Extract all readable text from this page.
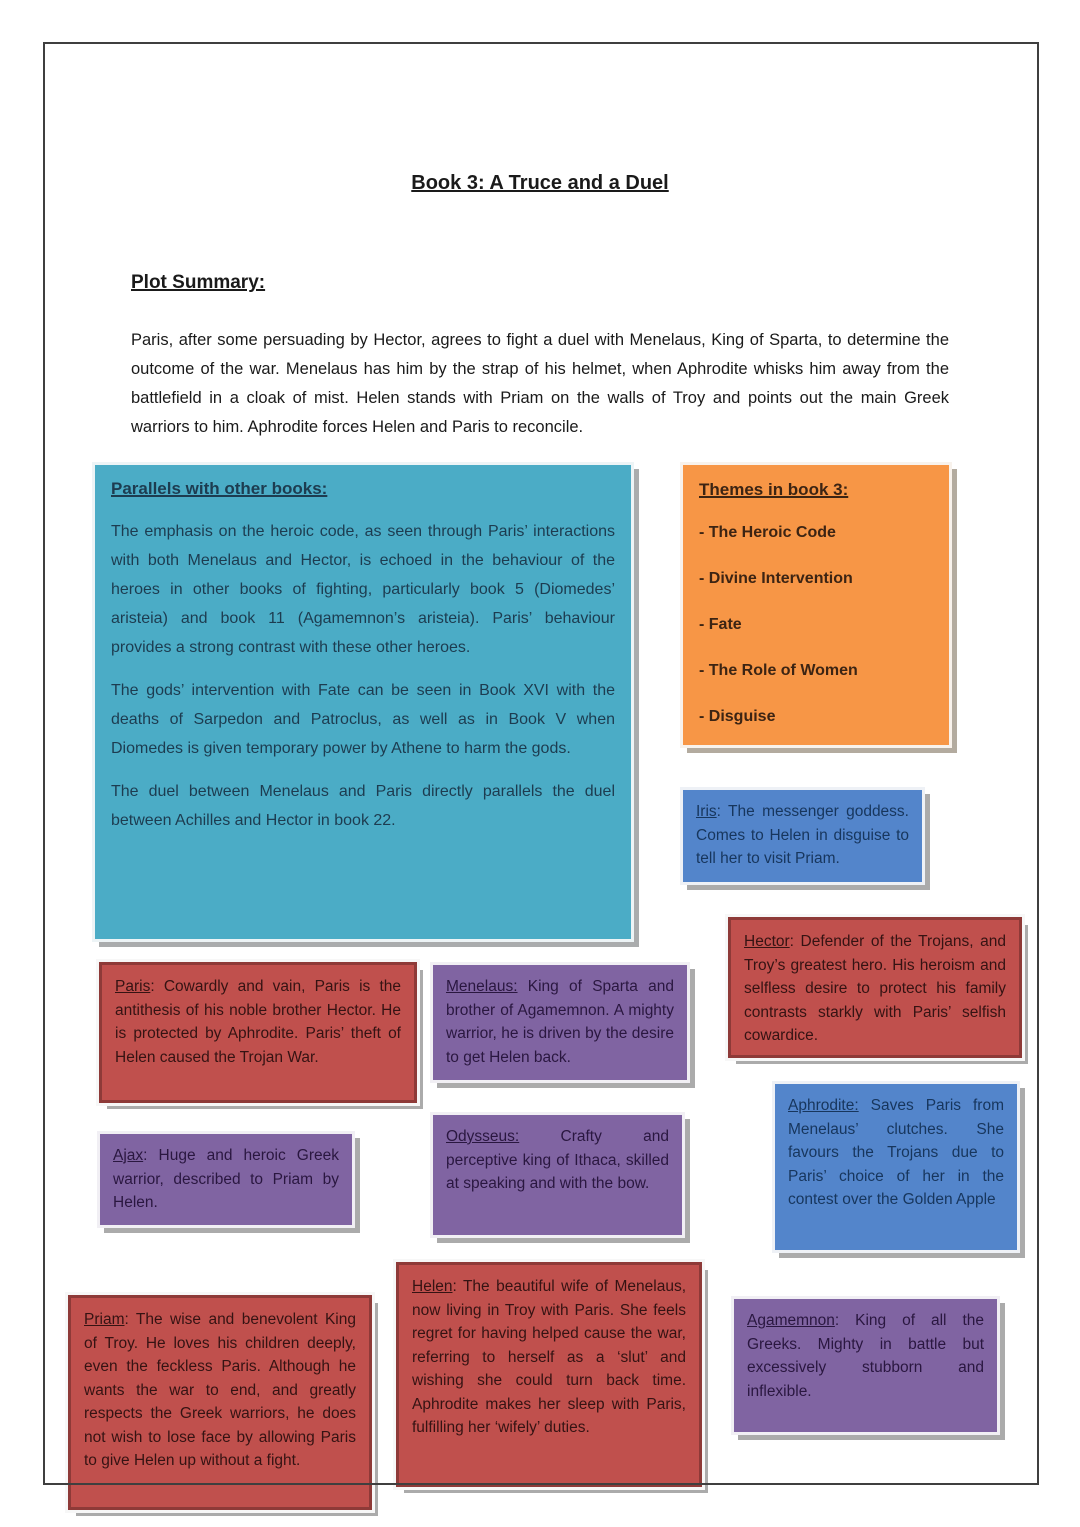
Book 3: A Truce and a Duel
Plot Summary:
Paris, after some persuading by Hector, agrees to fight a duel with Menelaus, King of Sparta, to determine the outcome of the war. Menelaus has him by the strap of his helmet, when Aphrodite whisks him away from the battlefield in a cloak of mist. Helen stands with Priam on the walls of Troy and points out the main Greek warriors to him. Aphrodite forces Helen and Paris to reconcile.
Parallels with other books:

The emphasis on the heroic code, as seen through Paris’ interactions with both Menelaus and Hector, is echoed in the behaviour of the heroes in other books of fighting, particularly book 5 (Diomedes’ aristeia) and book 11 (Agamemnon’s aristeia). Paris’ behaviour provides a strong contrast with these other heroes.

The gods’ intervention with Fate can be seen in Book XVI with the deaths of Sarpedon and Patroclus, as well as in Book V when Diomedes is given temporary power by Athene to harm the gods.

The duel between Menelaus and Paris directly parallels the duel between Achilles and Hector in book 22.

Themes in book 3:
- The Heroic Code
- Divine Intervention
- Fate
- The Role of Women
- Disguise
Iris: The messenger goddess. Comes to Helen in disguise to tell her to visit Priam.
Hector: Defender of the Trojans, and Troy’s greatest hero. His heroism and selfless desire to protect his family contrasts starkly with Paris’ selfish cowardice.
Paris: Cowardly and vain, Paris is the antithesis of his noble brother Hector. He is protected by Aphrodite. Paris’ theft of Helen caused the Trojan War.
Menelaus: King of Sparta and brother of Agamemnon. A mighty warrior, he is driven by the desire to get Helen back.
Ajax: Huge and heroic Greek warrior, described to Priam by Helen.
Odysseus: Crafty and perceptive king of Ithaca, skilled at speaking and with the bow.
Aphrodite: Saves Paris from Menelaus’ clutches. She favours the Trojans due to Paris’ choice of her in the contest over the Golden Apple
Priam: The wise and benevolent King of Troy. He loves his children deeply, even the feckless Paris. Although he wants the war to end, and greatly respects the Greek warriors, he does not wish to lose face by allowing Paris to give Helen up without a fight.
Helen: The beautiful wife of Menelaus, now living in Troy with Paris. She feels regret for having helped cause the war, referring to herself as a ‘slut’ and wishing she could turn back time. Aphrodite makes her sleep with Paris, fulfilling her ‘wifely’ duties.
Agamemnon: King of all the Greeks. Mighty in battle but excessively stubborn and inflexible.
